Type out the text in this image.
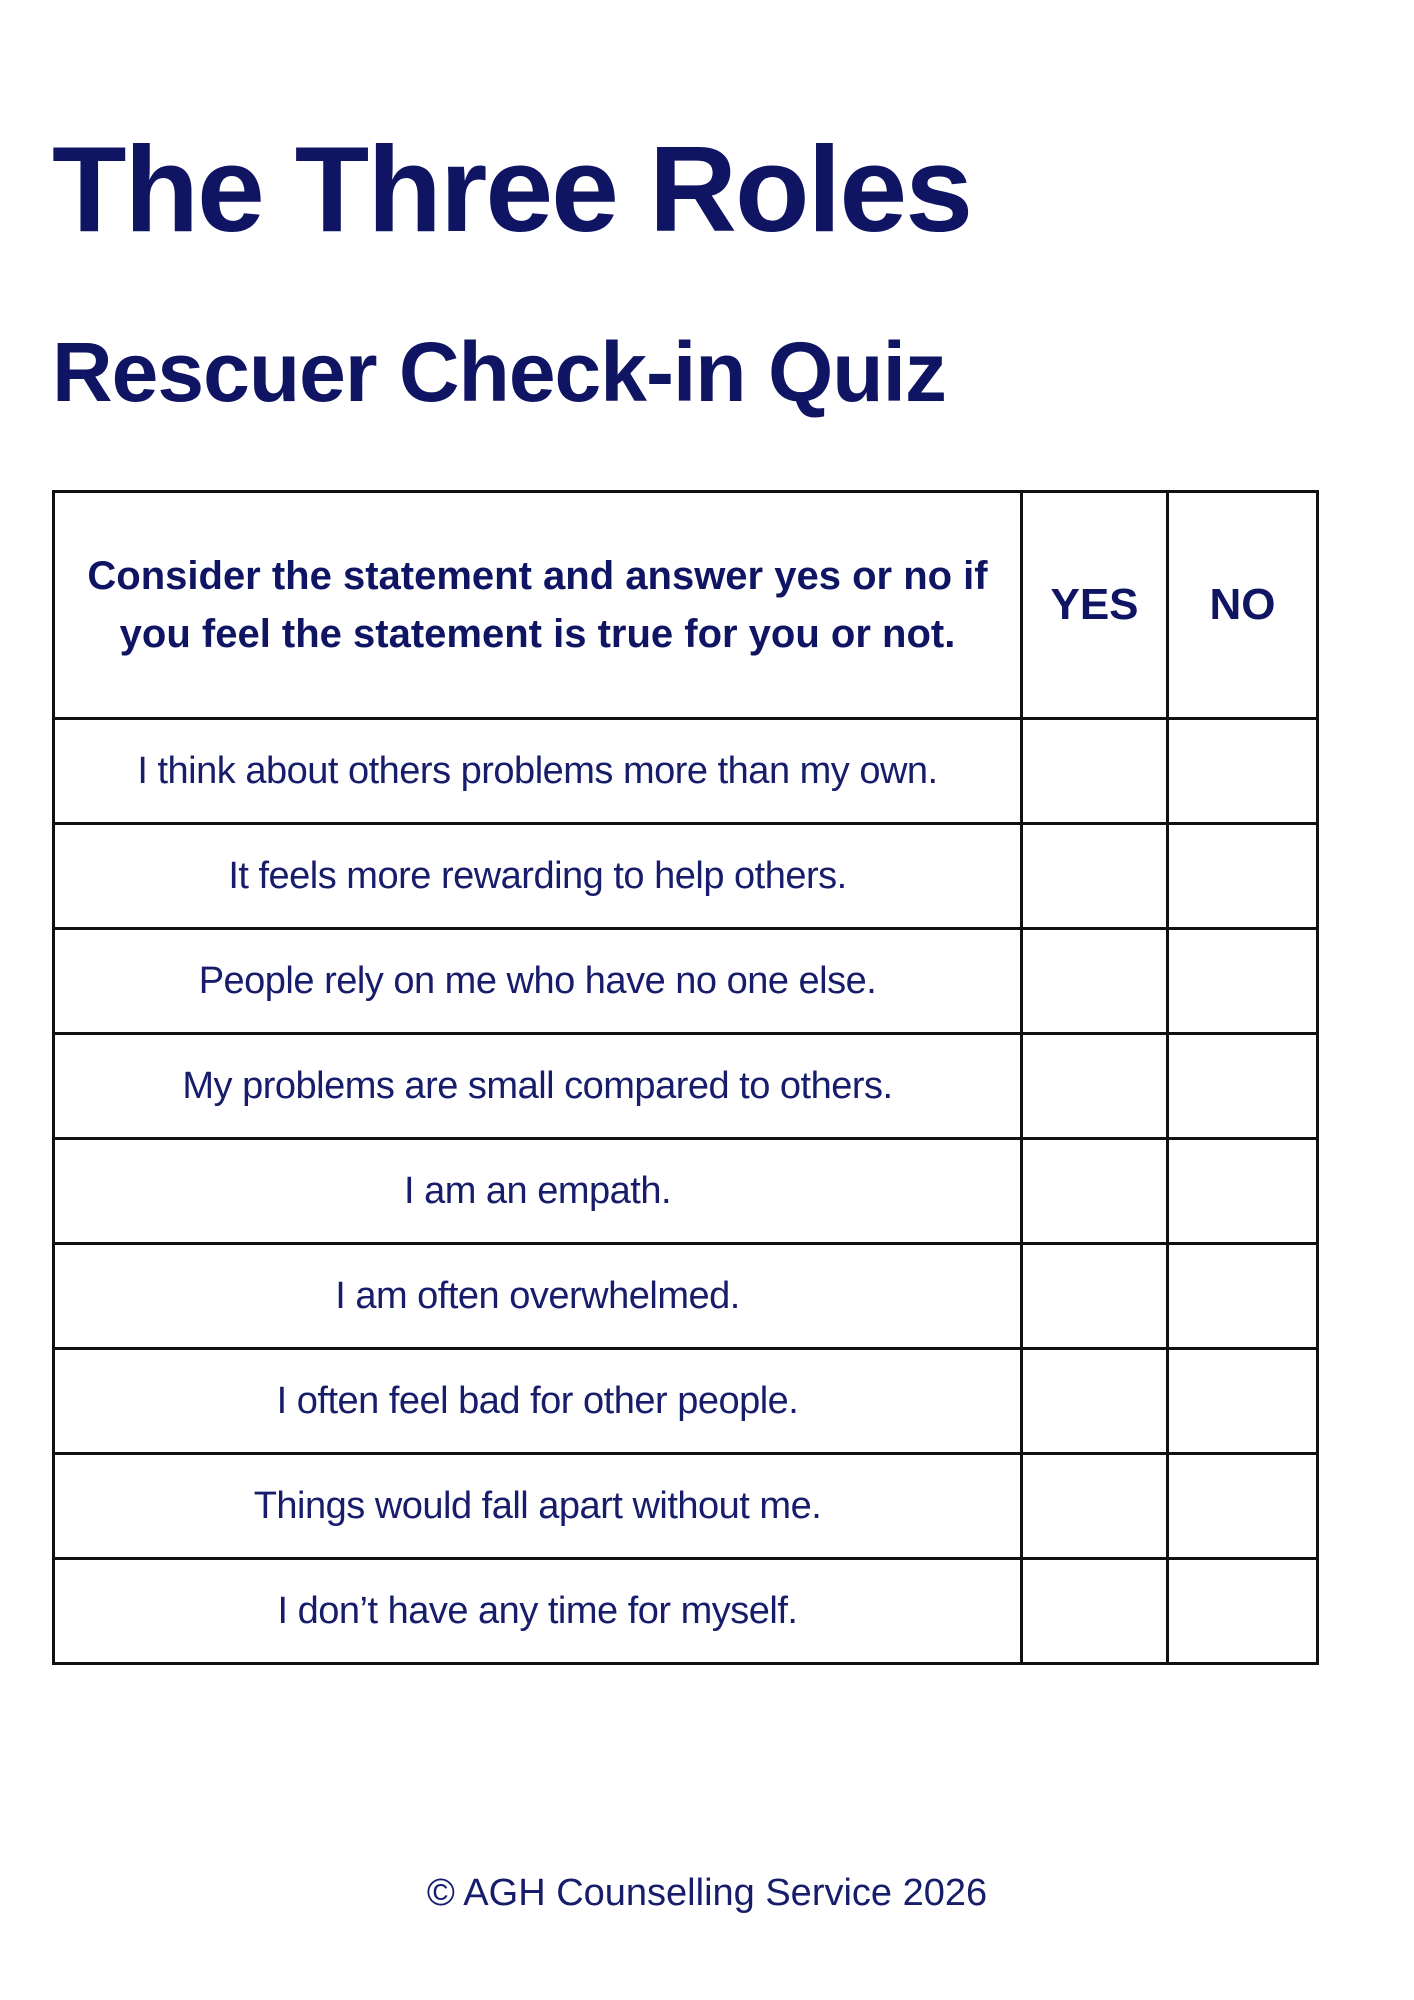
The Three Roles
Rescuer Check-in Quiz
Consider the statement and answer yes or no if you feel the statement is true for you or not.	YES	NO
I think about others problems more than my own.		
It feels more rewarding to help others.		
People rely on me who have no one else.		
My problems are small compared to others.		
I am an empath.		
I am often overwhelmed.		
I often feel bad for other people.		
Things would fall apart without me.		
I don’t have any time for myself.		
© AGH Counselling Service 2026
